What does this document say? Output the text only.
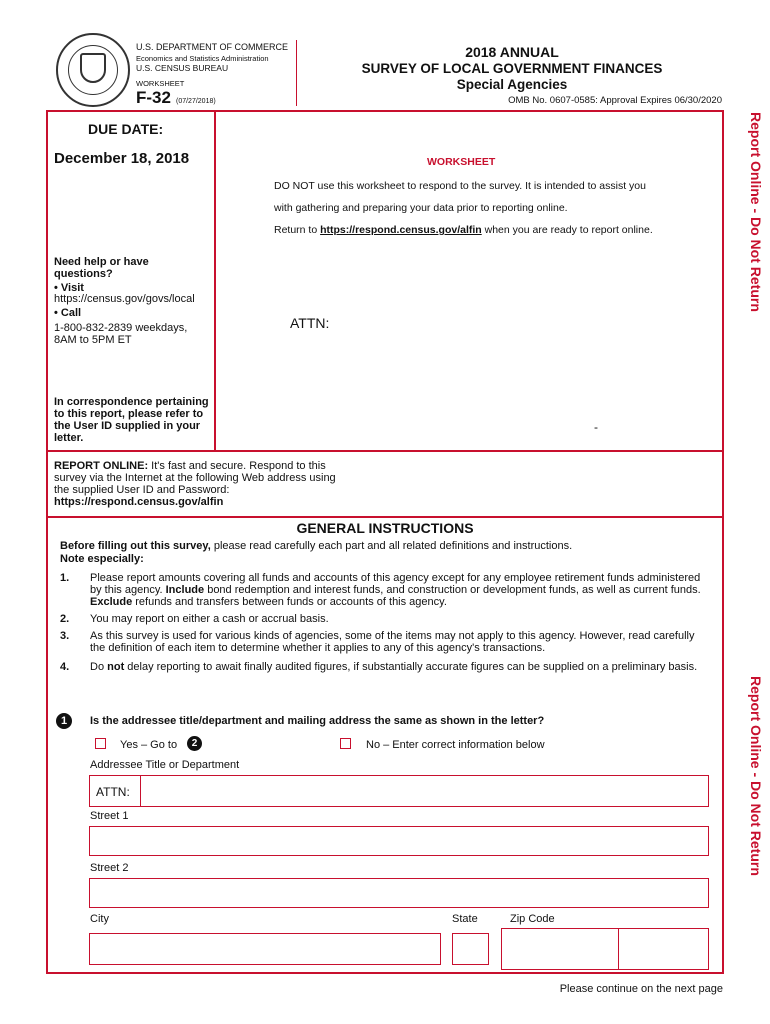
U.S. DEPARTMENT OF COMMERCE
Economics and Statistics Administration
U.S. CENSUS BUREAU
WORKSHEET
F-32 (07/27/2018)
2018 ANNUAL
SURVEY OF LOCAL GOVERNMENT FINANCES
Special Agencies
OMB No. 0607-0585: Approval Expires 06/30/2020
Report Online - Do Not Return
Report Online - Do Not Return
DUE DATE:
December 18, 2018
Need help or have questions?
• Visit
https://census.gov/govs/local
• Call
1-800-832-2839 weekdays, 8AM to 5PM ET
In correspondence pertaining to this report, please refer to the User ID supplied in your letter.
WORKSHEET
DO NOT use this worksheet to respond to the survey. It is intended to assist you
with gathering and preparing your data prior to reporting online.
Return to https://respond.census.gov/alfin when you are ready to report online.
ATTN:
-
REPORT ONLINE: It's fast and secure. Respond to this survey via the Internet at the following Web address using the supplied User ID and Password:
https://respond.census.gov/alfin
GENERAL INSTRUCTIONS
Before filling out this survey, please read carefully each part and all related definitions and instructions.
Note especially:
1. Please report amounts covering all funds and accounts of this agency except for any employee retirement funds administered by this agency. Include bond redemption and interest funds, and construction or development funds, as well as current funds. Exclude refunds and transfers between funds or accounts of this agency.
2. You may report on either a cash or accrual basis.
3. As this survey is used for various kinds of agencies, some of the items may not apply to this agency. However, read carefully the definition of each item to determine whether it applies to any of this agency's transactions.
4. Do not delay reporting to await finally audited figures, if substantially accurate figures can be supplied on a preliminary basis.
1	Is the addressee title/department and mailing address the same as shown in the letter?
Yes – Go to	2	No – Enter correct information below
Addressee Title or Department
ATTN:
Street 1
Street 2
City	State	Zip Code
Please continue on the next page
